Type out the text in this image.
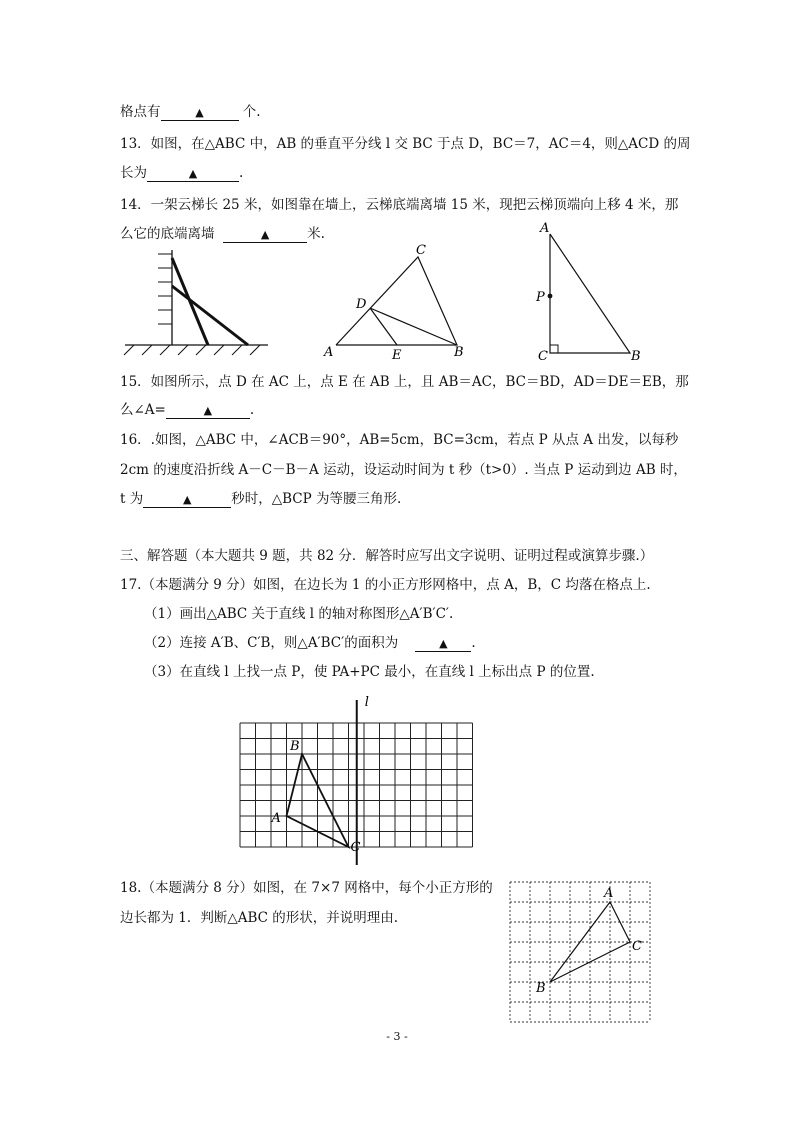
格点有	▲	个.
13．如图，在△ABC 中，AB 的垂直平分线 l 交 BC 于点 D，BC＝7，AC＝4，则△ACD 的周
长为	▲	.
14．一架云梯长 25 米，如图靠在墙上，云梯底端离墙 15 米，现把云梯顶端向上移 4 米，那
么它的底端离墙	▲	米.
C
D
A	E	B
A
P
C	B
15．如图所示，点 D 在 AC 上，点 E 在 AB 上，且 AB＝AC，BC＝BD，AD＝DE＝EB，那
么∠A=	▲	.
16．.如图，△ABC 中，∠ACB＝90°，AB=5cm，BC=3cm，若点 P 从点 A 出发，以每秒
2cm 的速度沿折线 A－C－B－A 运动，设运动时间为 t 秒（t>0）. 当点 P 运动到边 AB 时，
t 为	▲	秒时，△BCP 为等腰三角形.
三、解答题（本大题共 9 题，共 82 分．解答时应写出文字说明、证明过程或演算步骤.）
17.（本题满分 9 分）如图，在边长为 1 的小正方形网格中，点 A，B，C 均落在格点上.
（1）画出△ABC 关于直线 l 的轴对称图形△A′B′C′.
（2）连接 A′B、C′B，则△A′BC′的面积为	▲ .
（3）在直线 l 上找一点 P，使 PA+PC 最小，在直线 l 上标出点 P 的位置.
l
B
A
C
18.（本题满分 8 分）如图，在 7×7 网格中，每个小正方形的
边长都为 1．判断△ABC 的形状，并说明理由.
A
B
C
- 3 -
